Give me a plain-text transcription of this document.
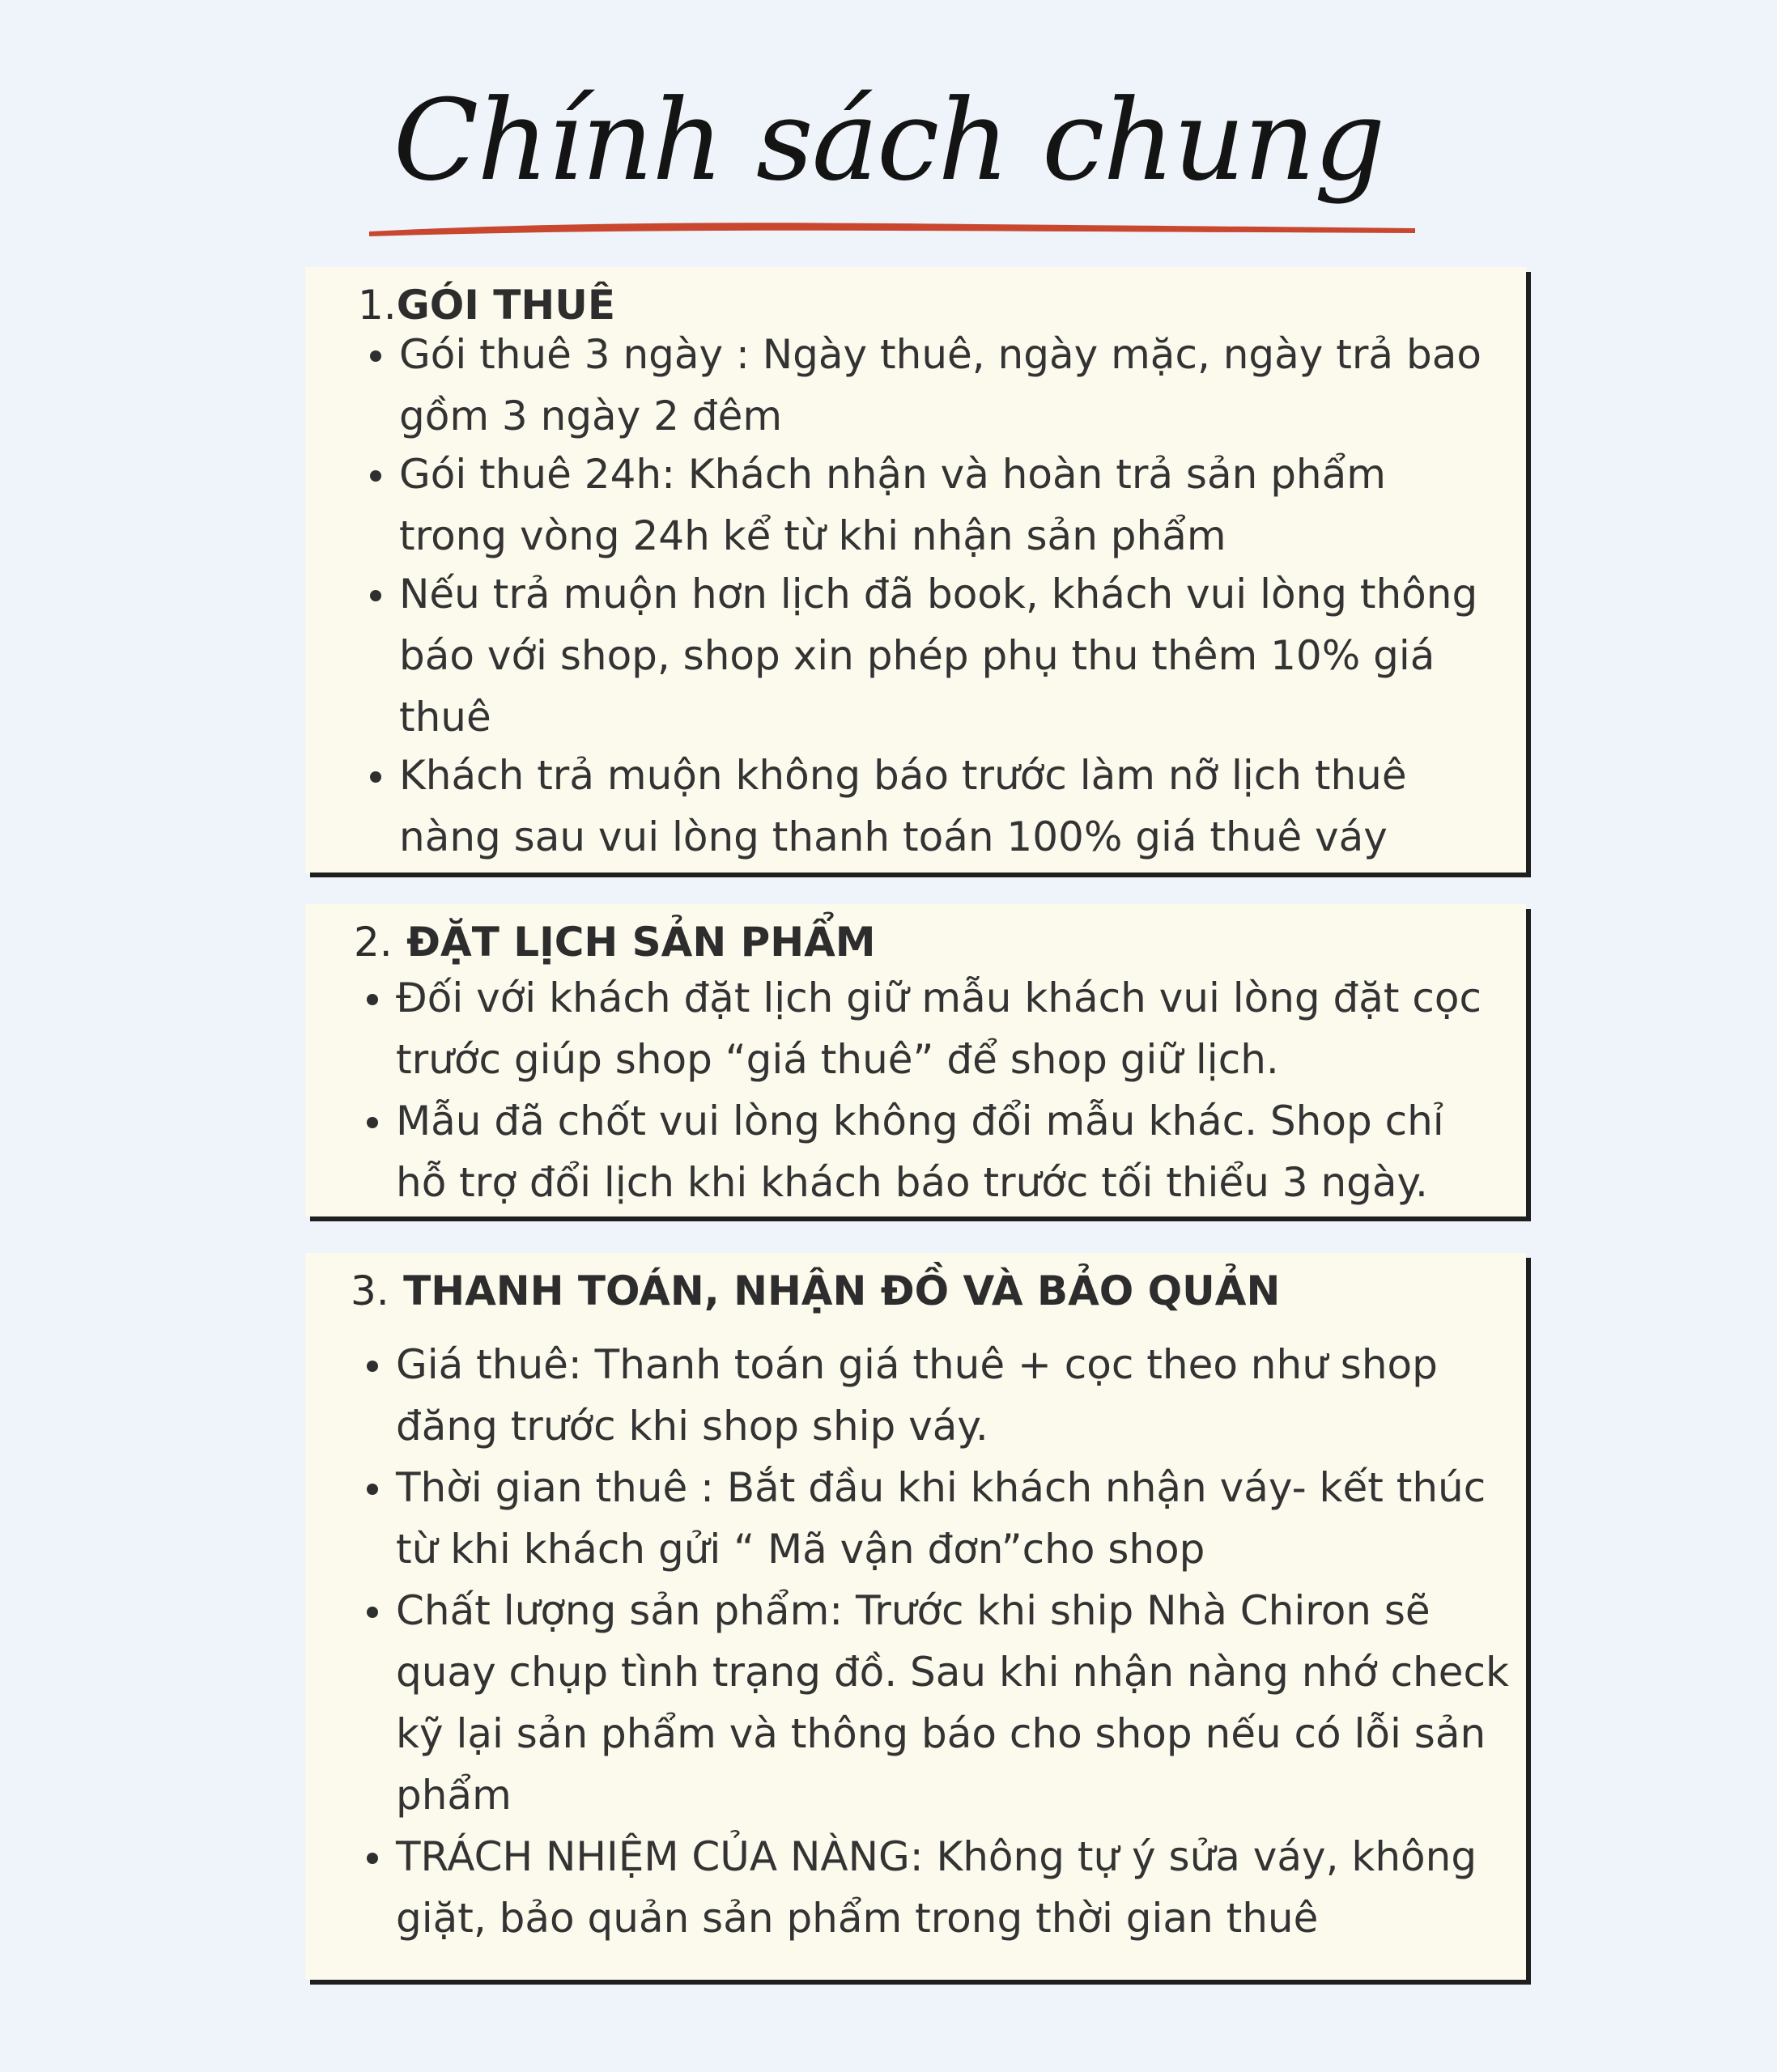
Chính sách chung
1.GÓI THUÊ
Gói thuê 3 ngày : Ngày thuê, ngày mặc, ngày trả bao gồm 3 ngày 2 đêm
Gói thuê 24h: Khách nhận và hoàn trả sản phẩm trong vòng 24h kể từ khi nhận sản phẩm
Nếu trả muộn hơn lịch đã book, khách vui lòng thông báo với shop, shop xin phép phụ thu thêm 10% giá thuê
Khách trả muộn không báo trước làm nỡ lịch thuê nàng sau vui lòng thanh toán 100% giá thuê váy
2. ĐẶT LỊCH SẢN PHẨM
Đối với khách đặt lịch giữ mẫu khách vui lòng đặt cọc trước giúp shop “giá thuê” để shop giữ lịch.
Mẫu đã chốt vui lòng không đổi mẫu khác. Shop chỉ hỗ trợ đổi lịch khi khách báo trước tối thiểu 3 ngày.
3. THANH TOÁN, NHẬN ĐỒ VÀ BẢO QUẢN
Giá thuê: Thanh toán giá thuê + cọc theo như shop đăng trước khi shop ship váy.
Thời gian thuê : Bắt đầu khi khách nhận váy- kết thúc từ khi khách gửi “ Mã vận đơn”cho shop
Chất lượng sản phẩm: Trước khi ship Nhà Chiron sẽ quay chụp tình trạng đồ. Sau khi nhận nàng nhớ check kỹ lại sản phẩm và thông báo cho shop nếu có lỗi sản phẩm
TRÁCH NHIỆM CỦA NÀNG: Không tự ý sửa váy, không giặt, bảo quản sản phẩm trong thời gian thuê
